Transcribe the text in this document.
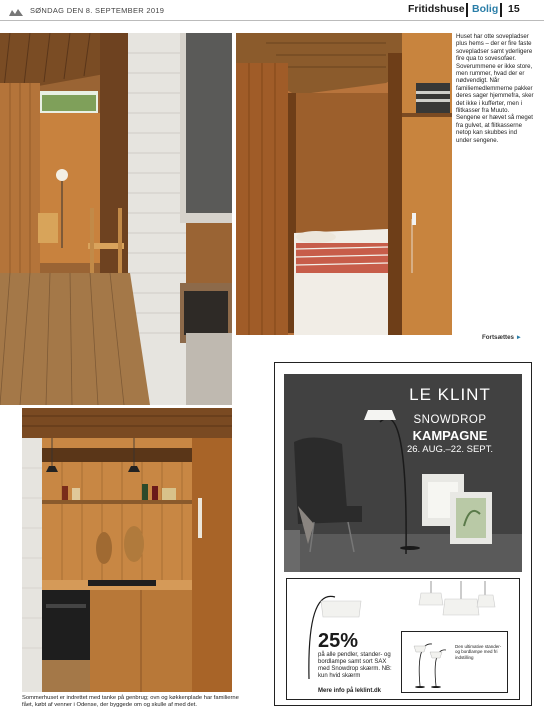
SØNDAG DEN 8. SEPTEMBER 2019	Fritidshuse Bolig 15
Huset har otte sovepladser plus hems – der er fire faste sovepladser samt yderligere fire qua to sovesofaer. Soverummene er ikke store, men rummer, hvad der er nødvendigt. Når familiemedlemmerne pakker deres sager hjemmefra, sker det ikke i kufferter, men i flitkasser fra Muuto. Sengene er hævet så meget fra gulvet, at flitkasserne netop kan skubbes ind under sengene.
Fortsættes ►
Sommerhuset er indrettet med tanke på genbrug; ovn og køkkenplade har familierne fået, købt af venner i Odense, der byggede om og skulle af med det.
LE KLINT
SNOWDROP
KAMPAGNE
26. AUG.–22. SEPT.
25%
på alle pendler, stander- og bordlampe samt sort SAX med Snowdrop skærm. NB: kun hvid skærm
Mere info på leklint.dk
Den ultimative stander- og bordlampe med fri indstilling
